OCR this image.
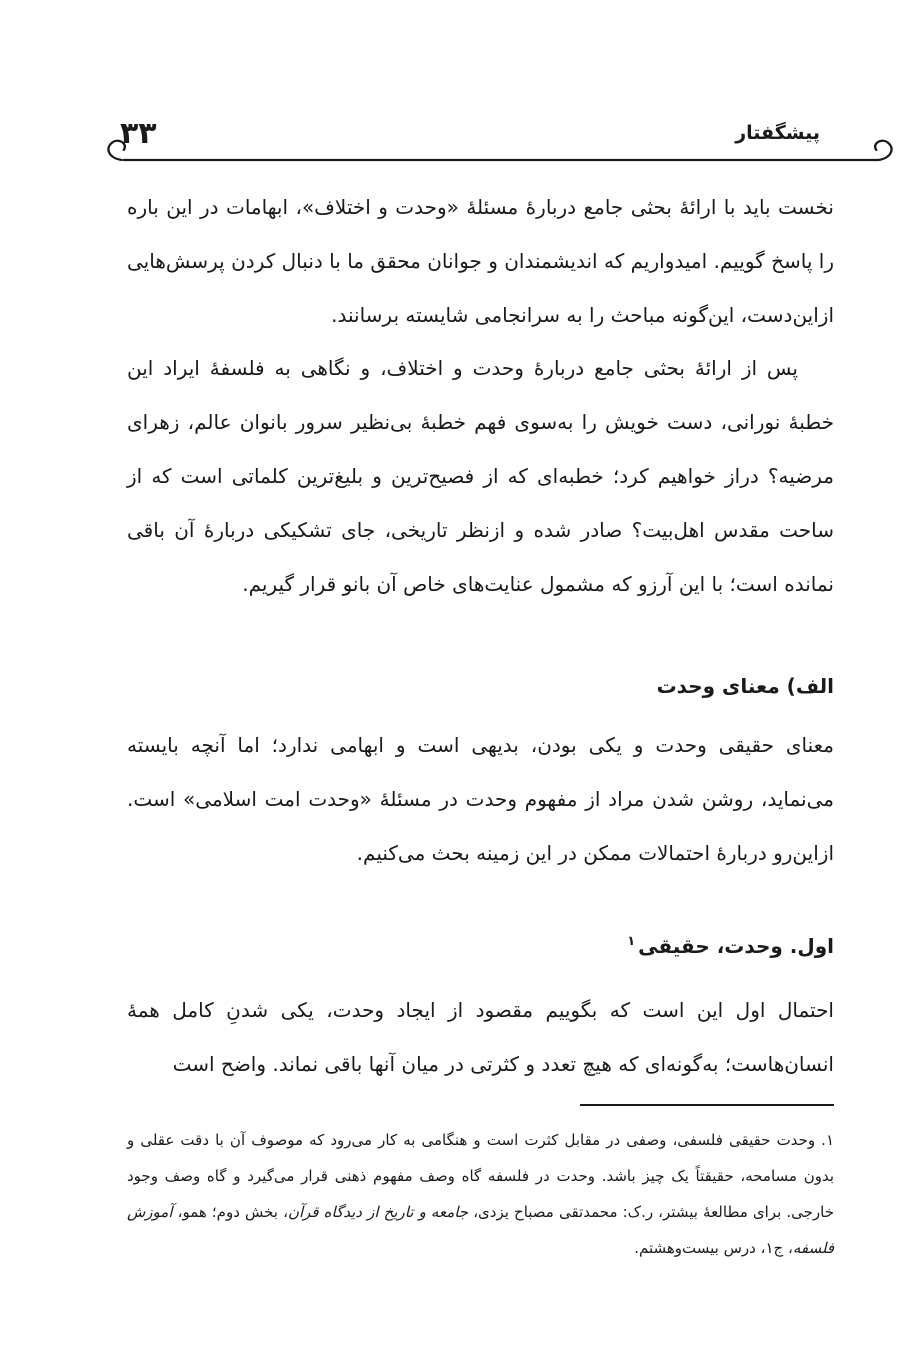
پیشگفتار
۳۳

نخست باید با ارائهٔ بحثی جامع دربارهٔ مسئلهٔ «وحدت و اختلاف»، ابهامات در این باره را پاسخ گوییم. امیدواریم که اندیشمندان و جوانان محقق ما با دنبال کردن پرسش‌هایی ازاین‌دست، این‌گونه مباحث را به سرانجامی شایسته برسانند.

پس از ارائهٔ بحثی جامع دربارهٔ وحدت و اختلاف، و نگاهی به فلسفهٔ ایراد این خطبهٔ نورانی، دست خویش را به‌سوی فهم خطبهٔ بی‌نظیر سرور بانوان عالم، زهرای مرضیه؟ دراز خواهیم کرد؛ خطبه‌ای که از فصیح‌ترین و بلیغ‌ترین کلماتی است که از ساحت مقدس اهل‌بیت؟ صادر شده و ازنظر تاریخی، جای تشکیکی دربارهٔ آن باقی نمانده است؛ با این آرزو که مشمول عنایت‌های خاص آن بانو قرار گیریم.

الف) معنای وحدت

معنای حقیقی وحدت و یکی بودن، بدیهی است و ابهامی ندارد؛ اما آنچه بایسته می‌نماید، روشن شدن مراد از مفهوم وحدت در مسئلهٔ «وحدت امت اسلامی» است. ازاین‌رو دربارهٔ احتمالات ممکن در این زمینه بحث می‌کنیم.

اول. وحدت، حقیقی$^۱$

احتمال اول این است که بگوییم مقصود از ایجاد وحدت، یکی شدنِ کامل همهٔ انسان‌هاست؛ به‌گونه‌ای که هیچ تعدد و کثرتی در میان آنها باقی نماند. واضح است

۱. وحدت حقیقی فلسفی، وصفی در مقابل کثرت است و هنگامی به کار می‌رود که موصوف آن با دقت عقلی و بدون مسامحه، حقیقتاً یک چیز باشد. وحدت در فلسفه گاه وصف مفهوم ذهنی قرار می‌گیرد و گاه وصف وجود خارجی. برای مطالعهٔ بیشتر، ر.ک: محمدتقی مصباح یزدی، جامعه و تاریخ از دیدگاه قرآن، بخش دوم؛ همو، آموزش فلسفه، ج۱، درس بیست‌وهشتم.
